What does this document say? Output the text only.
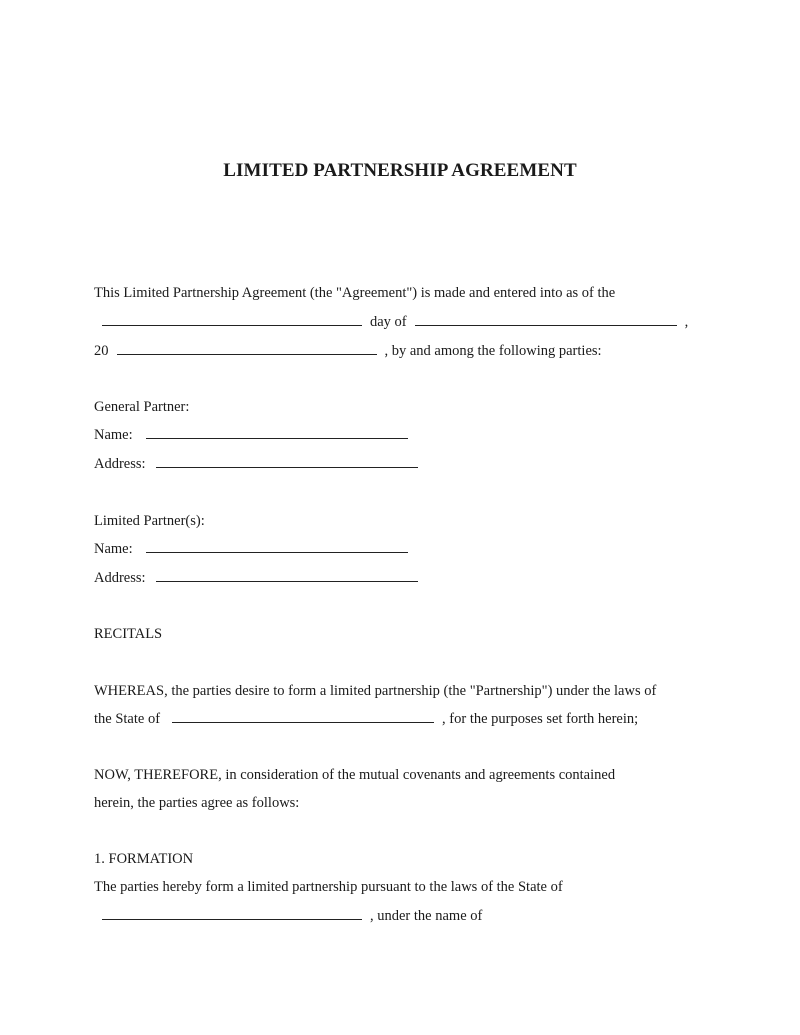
LIMITED PARTNERSHIP AGREEMENT
This Limited Partnership Agreement (the "Agreement") is made and entered into as of the
day of	,
20	, by and among the following parties:
General Partner:
Name:
Address:
Limited Partner(s):
Name:
Address:
RECITALS
WHEREAS, the parties desire to form a limited partnership (the "Partnership") under the laws of
the State of	, for the purposes set forth herein;
NOW, THEREFORE, in consideration of the mutual covenants and agreements contained
herein, the parties agree as follows:
1. FORMATION
The parties hereby form a limited partnership pursuant to the laws of the State of
, under the name of
